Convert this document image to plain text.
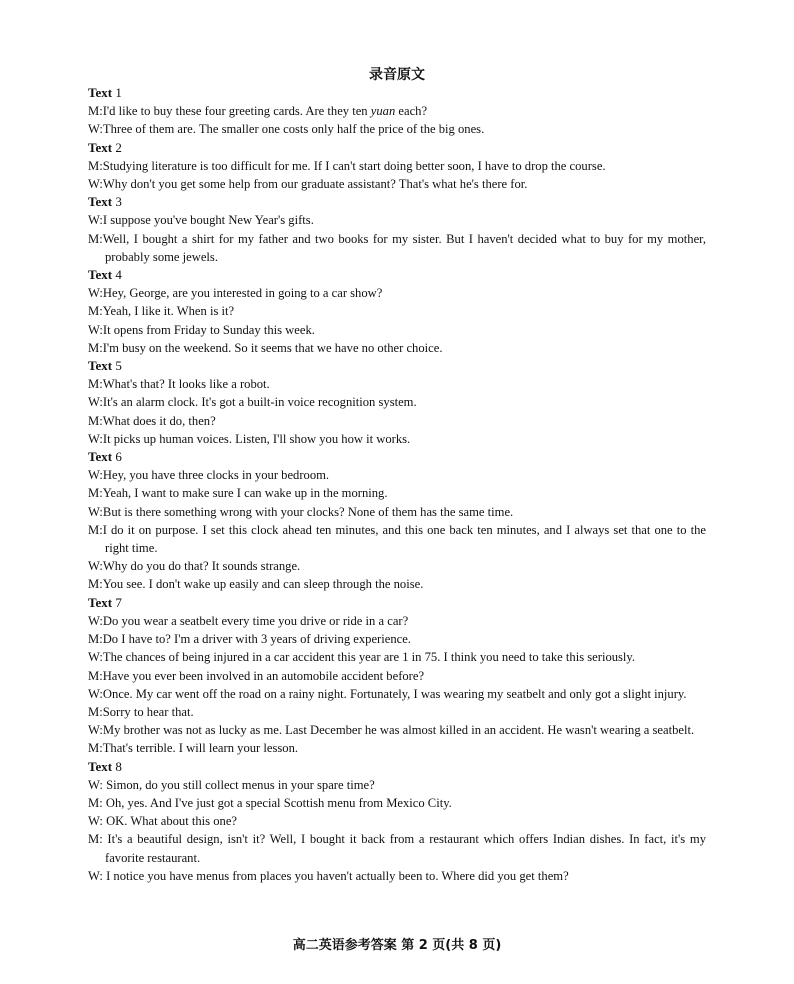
录音原文
Text 1
M:I'd like to buy these four greeting cards. Are they ten yuan each?
W:Three of them are. The smaller one costs only half the price of the big ones.
Text 2
M:Studying literature is too difficult for me. If I can't start doing better soon, I have to drop the course.
W:Why don't you get some help from our graduate assistant? That's what he's there for.
Text 3
W:I suppose you've bought New Year's gifts.
M:Well, I bought a shirt for my father and two books for my sister. But I haven't decided what to buy for my mother, probably some jewels.
Text 4
W:Hey, George, are you interested in going to a car show?
M:Yeah, I like it. When is it?
W:It opens from Friday to Sunday this week.
M:I'm busy on the weekend. So it seems that we have no other choice.
Text 5
M:What's that? It looks like a robot.
W:It's an alarm clock. It's got a built-in voice recognition system.
M:What does it do, then?
W:It picks up human voices. Listen, I'll show you how it works.
Text 6
W:Hey, you have three clocks in your bedroom.
M:Yeah, I want to make sure I can wake up in the morning.
W:But is there something wrong with your clocks? None of them has the same time.
M:I do it on purpose. I set this clock ahead ten minutes, and this one back ten minutes, and I always set that one to the right time.
W:Why do you do that? It sounds strange.
M:You see. I don't wake up easily and can sleep through the noise.
Text 7
W:Do you wear a seatbelt every time you drive or ride in a car?
M:Do I have to? I'm a driver with 3 years of driving experience.
W:The chances of being injured in a car accident this year are 1 in 75. I think you need to take this seriously.
M:Have you ever been involved in an automobile accident before?
W:Once. My car went off the road on a rainy night. Fortunately, I was wearing my seatbelt and only got a slight injury.
M:Sorry to hear that.
W:My brother was not as lucky as me. Last December he was almost killed in an accident. He wasn't wearing a seatbelt.
M:That's terrible. I will learn your lesson.
Text 8
W: Simon, do you still collect menus in your spare time?
M: Oh, yes. And I've just got a special Scottish menu from Mexico City.
W: OK. What about this one?
M: It's a beautiful design, isn't it? Well, I bought it back from a restaurant which offers Indian dishes. In fact, it's my favorite restaurant.
W: I notice you have menus from places you haven't actually been to. Where did you get them?
高二英语参考答案 第 2 页(共 8 页)
